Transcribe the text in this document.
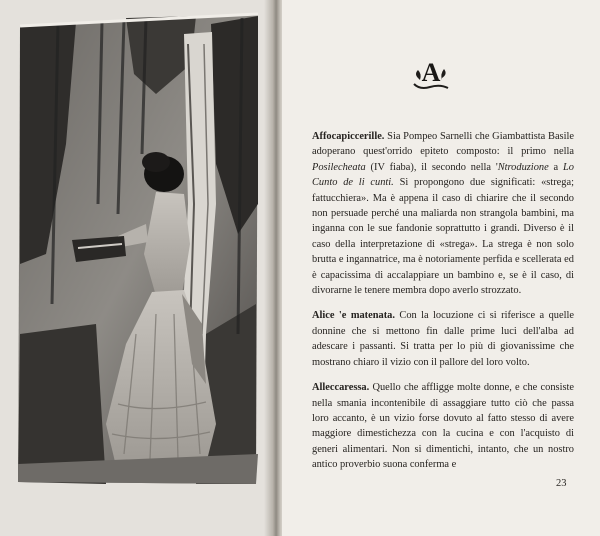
A

Affocapiccerille. Sia Pompeo Sarnelli che Giambattista Basile adoperano quest'orrido epiteto composto: il primo nella Posilecheata (IV fiaba), il secondo nella 'Ntroduzione a Lo Cunto de li cunti. Si propongono due significati: «strega; fattucchiera». Ma è appena il caso di chiarire che il secondo non persuade perché una maliarda non strangola bambini, ma inganna con le sue fandonie soprattutto i grandi. Diverso è il caso della interpretazione di «strega». La strega è non solo brutta e ingannatrice, ma è notoriamente perfida e scellerata ed è capacissima di accalappiare un bambino e, se è il caso, di divorarne le tenere membra dopo averlo strozzato.

Alice 'e matenata. Con la locuzione ci si riferisce a quelle donnine che si mettono fin dalle prime luci dell'alba ad adescare i passanti. Si tratta per lo più di giovanissime che mostrano chiaro il vizio con il pallore del loro volto.

Alleccaressa. Quello che affligge molte donne, e che consiste nella smania incontenibile di assaggiare tutto ciò che passa loro accanto, è un vizio forse dovuto al fatto stesso di avere maggiore dimestichezza con la cucina e con l'acquisto di generi alimentari. Non si dimentichi, intanto, che un nostro antico proverbio suona conferma e

23
